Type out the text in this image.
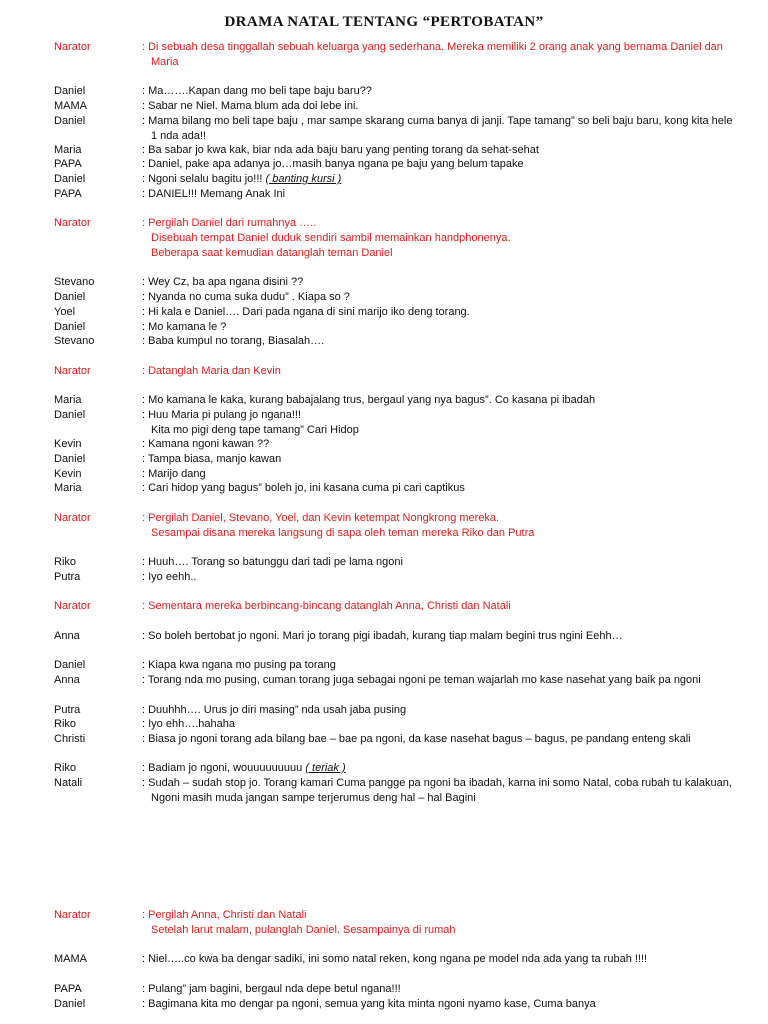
DRAMA NATAL TENTANG “PERTOBATAN”
Narator	: Di sebuah desa tinggallah sebuah keluarga yang sederhana. Mereka memiliki 2 orang anak yang bernama Daniel dan Maria
Daniel	: Ma…….Kapan dang mo beli tape baju baru??
MAMA	: Sabar ne Niel. Mama blum ada doi lebe ini.
Daniel	: Mama bilang mo beli tape baju , mar sampe skarang cuma banya di janji. Tape tamang” so beli baju baru, kong kita hele 1 nda ada!!
Maria	: Ba sabar jo kwa kak, biar nda ada baju baru yang penting torang da sehat-sehat
PAPA	: Daniel, pake apa adanya jo…masih banya ngana pe baju yang belum tapake
Daniel	: Ngoni selalu bagitu jo!!! ( banting kursi )
PAPA	: DANIEL!!! Memang Anak Ini
Narator	: Pergilah Daniel dari rumahnya …..
Disebuah tempat Daniel duduk sendiri sambil memainkan handphonenya.
Beberapa saat kemudian datanglah teman Daniel
Stevano	: Wey Cz, ba apa ngana disini ??
Daniel	: Nyanda no cuma suka dudu” . Kiapa so ?
Yoel	: Hi kala e Daniel…. Dari pada ngana di sini marijo iko deng torang.
Daniel	: Mo kamana le ?
Stevano	: Baba kumpul no torang, Biasalah….
Narator	: Datanglah Maria dan Kevin
Maria	: Mo kamana le kaka, kurang babajalang trus, bergaul yang nya bagus”. Co kasana pi ibadah
Daniel	: Huu Maria pi pulang jo ngana!!!
Kita mo pigi deng tape tamang” Cari Hidop
Kevin	: Kamana ngoni kawan ??
Daniel	: Tampa biasa, manjo kawan
Kevin	: Marijo dang
Maria	: Cari hidop yang bagus” boleh jo, ini kasana cuma pi cari captikus
Narator	: Pergilah Daniel, Stevano, Yoel, dan Kevin ketempat Nongkrong mereka.
Sesampai disana mereka langsung di sapa oleh teman mereka Riko dan Putra
Riko	: Huuh…. Torang so batunggu dari tadi pe lama ngoni
Putra	: Iyo eehh..
Narator	: Sementara mereka berbincang-bincang datanglah Anna, Christi dan Natali
Anna	: So boleh bertobat jo ngoni. Mari jo torang pigi ibadah, kurang tiap malam begini trus ngini Eehh…
Daniel	: Kiapa kwa ngana mo pusing pa torang
Anna	: Torang nda mo pusing, cuman torang juga sebagai ngoni pe teman wajarlah mo kase nasehat yang baik pa ngoni
Putra	: Duuhhh…. Urus jo diri masing” nda usah jaba pusing
Riko	: Iyo ehh….hahaha
Christi	: Biasa jo ngoni torang ada bilang bae – bae pa ngoni, da kase nasehat bagus – bagus, pe pandang enteng skali
Riko	: Badiam jo ngoni, wouuuuuuuuu ( teriak )
Natali	: Sudah – sudah stop jo. Torang kamari Cuma pangge pa ngoni ba ibadah, karna ini somo Natal, coba rubah tu kalakuan, Ngoni masih muda jangan sampe terjerumus deng hal – hal Bagini
Narator	: Pergilah Anna, Christi dan Natali
Setelah larut malam, pulanglah Daniel. Sesampainya di rumah
MAMA	: Niel…..co kwa ba dengar sadiki, ini somo natal reken, kong ngana pe model nda ada yang ta rubah !!!!
PAPA	: Pulang” jam bagini, bergaul nda depe betul ngana!!!
Daniel	: Bagimana kita mo dengar pa ngoni, semua yang kita minta ngoni nyamo kase, Cuma banya
